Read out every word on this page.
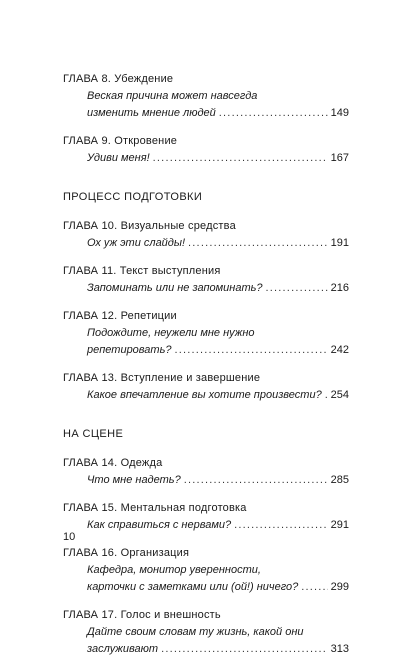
ГЛАВА 8. Убеждение
Веская причина может навсегда
изменить мнение людей .....	149
ГЛАВА 9. Откровение
Удиви меня! .....	167
ПРОЦЕСС ПОДГОТОВКИ
ГЛАВА 10. Визуальные средства
Ох уж эти слайды! .....	191
ГЛАВА 11. Текст выступления
Запоминать или не запоминать? .....	216
ГЛАВА 12. Репетиции
Подождите, неужели мне нужно
репетировать? .....	242
ГЛАВА 13. Вступление и завершение
Какое впечатление вы хотите произвести? ..... 254
НА СЦЕНЕ
ГЛАВА 14. Одежда
Что мне надеть? .....	285
ГЛАВА 15. Ментальная подготовка
Как справиться с нервами? .....	291
ГЛАВА 16. Организация
Кафедра, монитор уверенности,
карточки с заметками или (ой!) ничего? .....	299
ГЛАВА 17. Голос и внешность
Дайте своим словам ту жизнь, какой они
заслуживают .....	313
10
